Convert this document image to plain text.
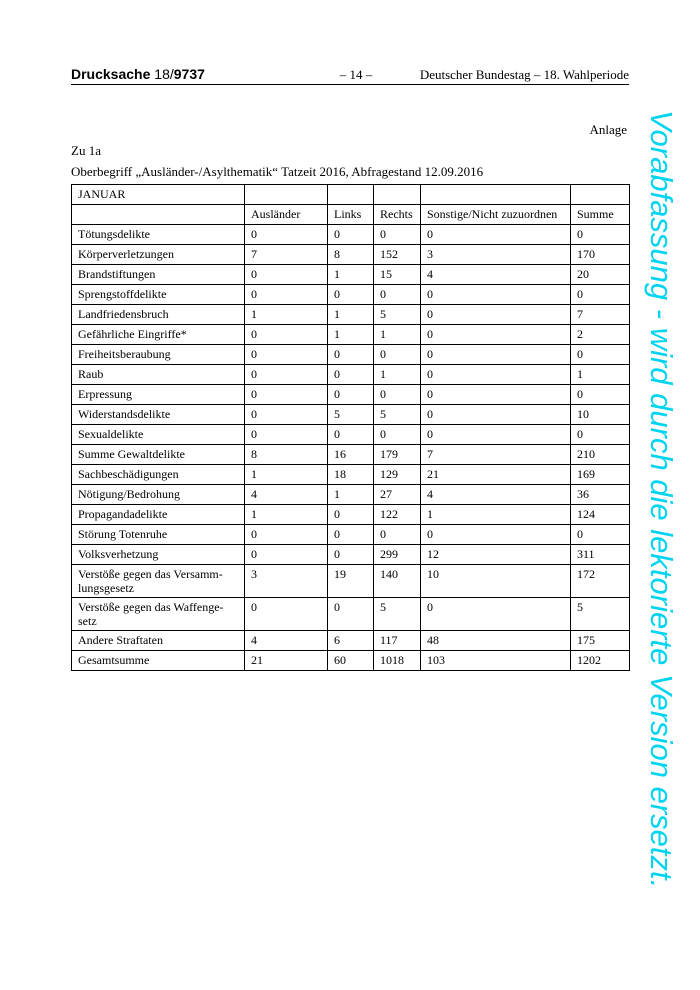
Drucksache 18/9737	– 14 –	Deutscher Bundestag – 18. Wahlperiode
Anlage
Zu 1a
Oberbegriff „Ausländer-/Asylthematik“ Tatzeit 2016, Abfragestand 12.09.2016
JANUAR					
	Ausländer	Links	Rechts	Sonstige/Nicht zuzuordnen	Summe
Tötungsdelikte	0	0	0	0	0
Körperverletzungen	7	8	152	3	170
Brandstiftungen	0	1	15	4	20
Sprengstoffdelikte	0	0	0	0	0
Landfriedensbruch	1	1	5	0	7
Gefährliche Eingriffe*	0	1	1	0	2
Freiheitsberaubung	0	0	0	0	0
Raub	0	0	1	0	1
Erpressung	0	0	0	0	0
Widerstandsdelikte	0	5	5	0	10
Sexualdelikte	0	0	0	0	0
Summe Gewaltdelikte	8	16	179	7	210
Sachbeschädigungen	1	18	129	21	169
Nötigung/Bedrohung	4	1	27	4	36
Propagandadelikte	1	0	122	1	124
Störung Totenruhe	0	0	0	0	0
Volksverhetzung	0	0	299	12	311
Verstöße gegen das Versamm-
lungsgesetz	3	19	140	10	172
Verstöße gegen das Waffenge-
setz	0	0	5	0	5
Andere Straftaten	4	6	117	48	175
Gesamtsumme	21	60	1018	103	1202 Vorabfassung - wird durch die lektorierte Version ersetzt.
